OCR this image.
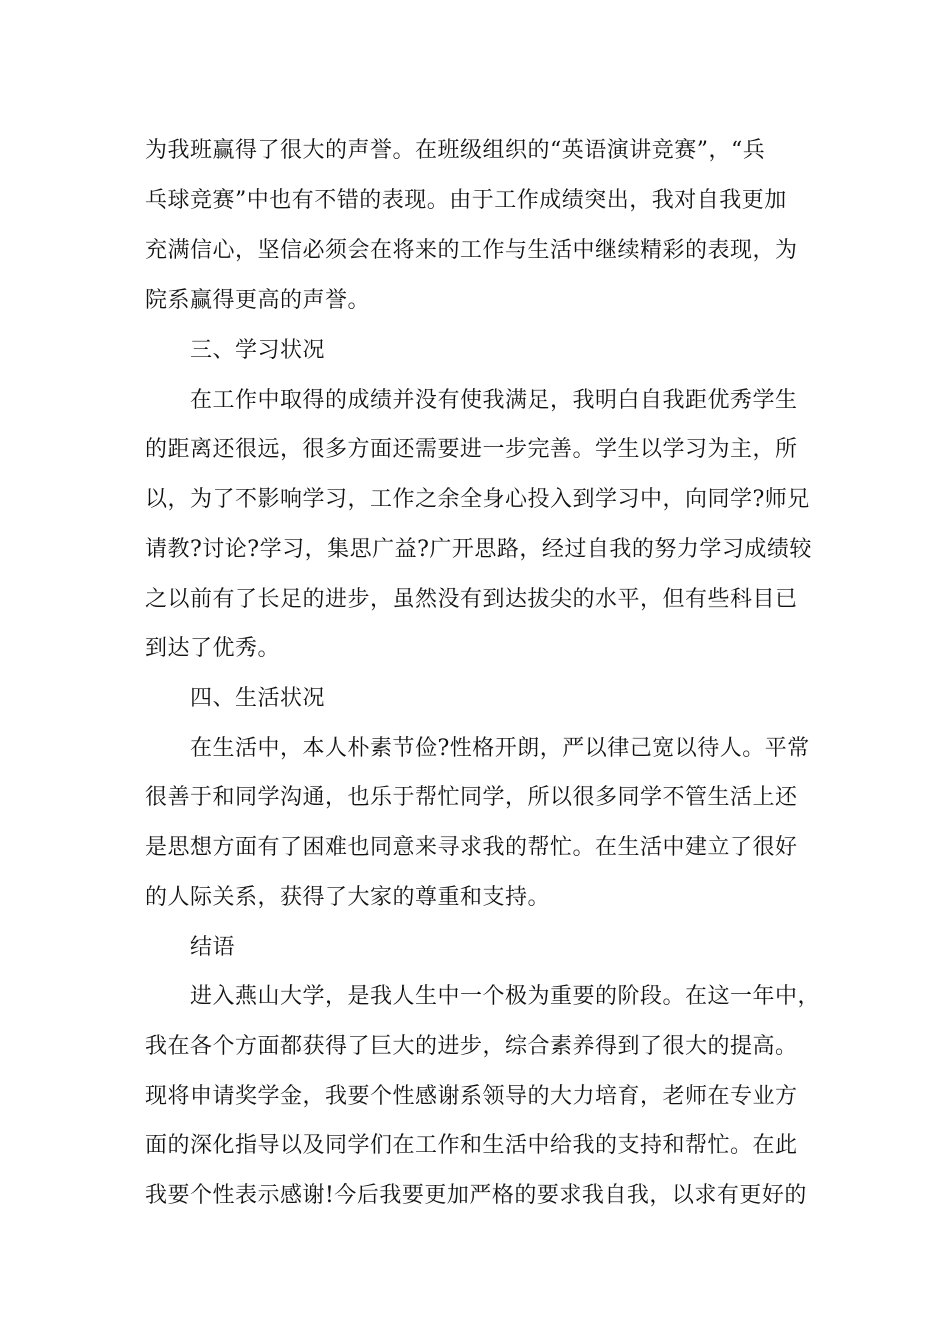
为我班赢得了很大的声誉。在班级组织的“英语演讲竞赛”，“兵
乓球竞赛”中也有不错的表现。由于工作成绩突出，我对自我更加
充满信心，坚信必须会在将来的工作与生活中继续精彩的表现，为
院系赢得更高的声誉。
三、学习状况
在工作中取得的成绩并没有使我满足，我明白自我距优秀学生
的距离还很远，很多方面还需要进一步完善。学生以学习为主，所
以，为了不影响学习，工作之余全身心投入到学习中，向同学?师兄
请教?讨论?学习，集思广益?广开思路，经过自我的努力学习成绩较
之以前有了长足的进步，虽然没有到达拔尖的水平，但有些科目已
到达了优秀。
四、生活状况
在生活中，本人朴素节俭?性格开朗，严以律己宽以待人。平常
很善于和同学沟通，也乐于帮忙同学，所以很多同学不管生活上还
是思想方面有了困难也同意来寻求我的帮忙。在生活中建立了很好
的人际关系，获得了大家的尊重和支持。
结语
进入燕山大学，是我人生中一个极为重要的阶段。在这一年中，
我在各个方面都获得了巨大的进步，综合素养得到了很大的提高。
现将申请奖学金，我要个性感谢系领导的大力培育，老师在专业方
面的深化指导以及同学们在工作和生活中给我的支持和帮忙。在此
我要个性表示感谢!今后我要更加严格的要求我自我，以求有更好的
